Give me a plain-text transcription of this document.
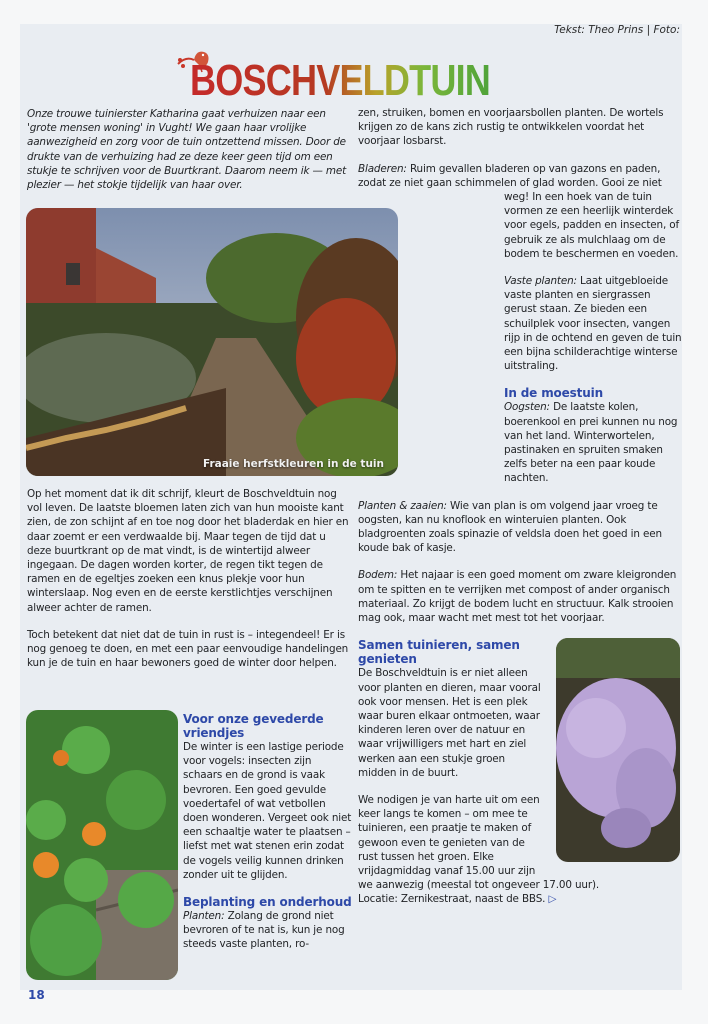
Tekst: Theo Prins | Foto:
BOSCHVELDTUIN
Onze trouwe tuinierster Katharina gaat verhuizen naar een 'grote mensen woning' in Vught! We gaan haar vrolijke aanwezigheid en zorg voor de tuin ontzettend missen. Door de drukte van de verhuizing had ze deze keer geen tijd om een stukje te schrijven voor de Buurtkrant. Daarom neem ik — met plezier — het stokje tijdelijk van haar over.
Fraaie herfstkleuren in de tuin

zen, struiken, bomen en voorjaarsbollen planten. De wortels krijgen zo de kans zich rustig te ontwikkelen voordat het voorjaar losbarst.

Bladeren: Ruim gevallen bladeren op van gazons en paden, zodat ze niet gaan schimmelen of glad worden. Gooi ze niet weg! In een hoek van de tuin vormen ze een heerlijk winterdek voor egels, padden en insecten, of gebruik ze als mulchlaag om de bodem te beschermen en voeden.

Vaste planten: Laat uitgebloeide vaste planten en siergrassen gerust staan. Ze bieden een schuilplek voor insecten, vangen rijp in de ochtend en geven de tuin een bijna schilderachtige winterse uitstraling.

In de moestuin

Oogsten: De laatste kolen, boerenkool en prei kunnen nu nog van het land. Winterwortelen, pastinaken en spruiten smaken zelfs beter na een paar koude nachten.

Planten & zaaien: Wie van plan is om volgend jaar vroeg te oogsten, kan nu knoflook en winteruien planten. Ook bladgroenten zoals spinazie of veldsla doen het goed in een koude bak of kasje.

Bodem: Het najaar is een goed moment om zware kleigronden om te spitten en te verrijken met compost of ander organisch materiaal. Zo krijgt de bodem lucht en structuur. Kalk strooien mag ook, maar wacht met mest tot het voorjaar.

Samen tuinieren, samen genieten

De Boschveldtuin is er niet alleen voor planten en dieren, maar vooral ook voor mensen. Het is een plek waar buren elkaar ontmoeten, waar kinderen leren over de natuur en waar vrijwilligers met hart en ziel werken aan een stukje groen midden in de buurt.

We nodigen je van harte uit om een keer langs te komen – om mee te tuinieren, een praatje te maken of gewoon even te genieten van de rust tussen het groen. Elke vrijdagmiddag vanaf 15.00 uur zijn we aanwezig (meestal tot ongeveer 17.00 uur).
Locatie: Zernikestraat, naast de BBS. ▷

Op het moment dat ik dit schrijf, kleurt de Boschveldtuin nog vol leven. De laatste bloemen laten zich van hun mooiste kant zien, de zon schijnt af en toe nog door het bladerdak en hier en daar zoemt er een verdwaalde bij. Maar tegen de tijd dat u deze buurtkrant op de mat vindt, is de wintertijd alweer ingegaan. De dagen worden korter, de regen tikt tegen de ramen en de egeltjes zoeken een knus plekje voor hun winterslaap. Nog even en de eerste kerstlichtjes verschijnen alweer achter de ramen.

Toch betekent dat niet dat de tuin in rust is – integendeel! Er is nog genoeg te doen, en met een paar eenvoudige handelingen kun je de tuin en haar bewoners goed de winter door helpen.

Voor onze gevederde vriendjes

De winter is een lastige periode voor vogels: insecten zijn schaars en de grond is vaak bevroren. Een goed gevulde voedertafel of wat vetbollen doen wonderen. Vergeet ook niet een schaaltje water te plaatsen – liefst met wat stenen erin zodat de vogels veilig kunnen drinken zonder uit te glijden.

Beplanting en onderhoud

Planten: Zolang de grond niet bevroren of te nat is, kun je nog steeds vaste planten, ro-

18
